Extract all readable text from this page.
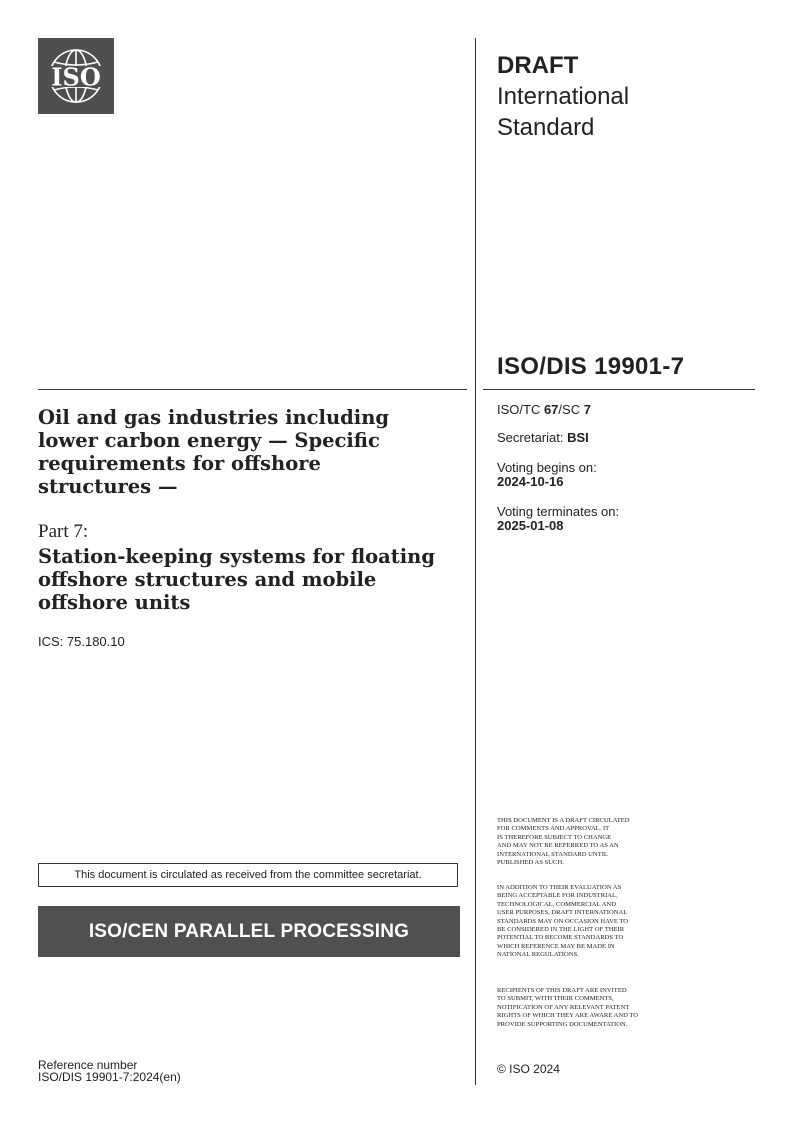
ISO	DRAFT
International
Standard
ISO/DIS 19901-7
Oil and gas industries including
lower carbon energy — Specific
requirements for offshore
structures —
Part 7:
Station-keeping systems for floating
offshore structures and mobile
offshore units
ICS: 75.180.10
ISO/TC 67/SC 7
Secretariat: BSI
Voting begins on:
2024-10-16
Voting terminates on:
2025-01-08
THIS DOCUMENT IS A DRAFT CIRCULATED
FOR COMMENTS AND APPROVAL. IT
IS THEREFORE SUBJECT TO CHANGE
AND MAY NOT BE REFERRED TO AS AN
INTERNATIONAL STANDARD UNTIL
PUBLISHED AS SUCH.
IN ADDITION TO THEIR EVALUATION AS
BEING ACCEPTABLE FOR INDUSTRIAL,
TECHNOLOGICAL, COMMERCIAL AND
USER PURPOSES, DRAFT INTERNATIONAL
STANDARDS MAY ON OCCASION HAVE TO
BE CONSIDERED IN THE LIGHT OF THEIR
POTENTIAL TO BECOME STANDARDS TO
WHICH REFERENCE MAY BE MADE IN
NATIONAL REGULATIONS.
RECIPIENTS OF THIS DRAFT ARE INVITED
TO SUBMIT, WITH THEIR COMMENTS,
NOTIFICATION OF ANY RELEVANT PATENT
RIGHTS OF WHICH THEY ARE AWARE AND TO
PROVIDE SUPPORTING DOCUMENTATION.
This document is circulated as received from the committee secretariat.
ISO/CEN PARALLEL PROCESSING
Reference number
ISO/DIS 19901-7:2024(en)
© ISO 2024
